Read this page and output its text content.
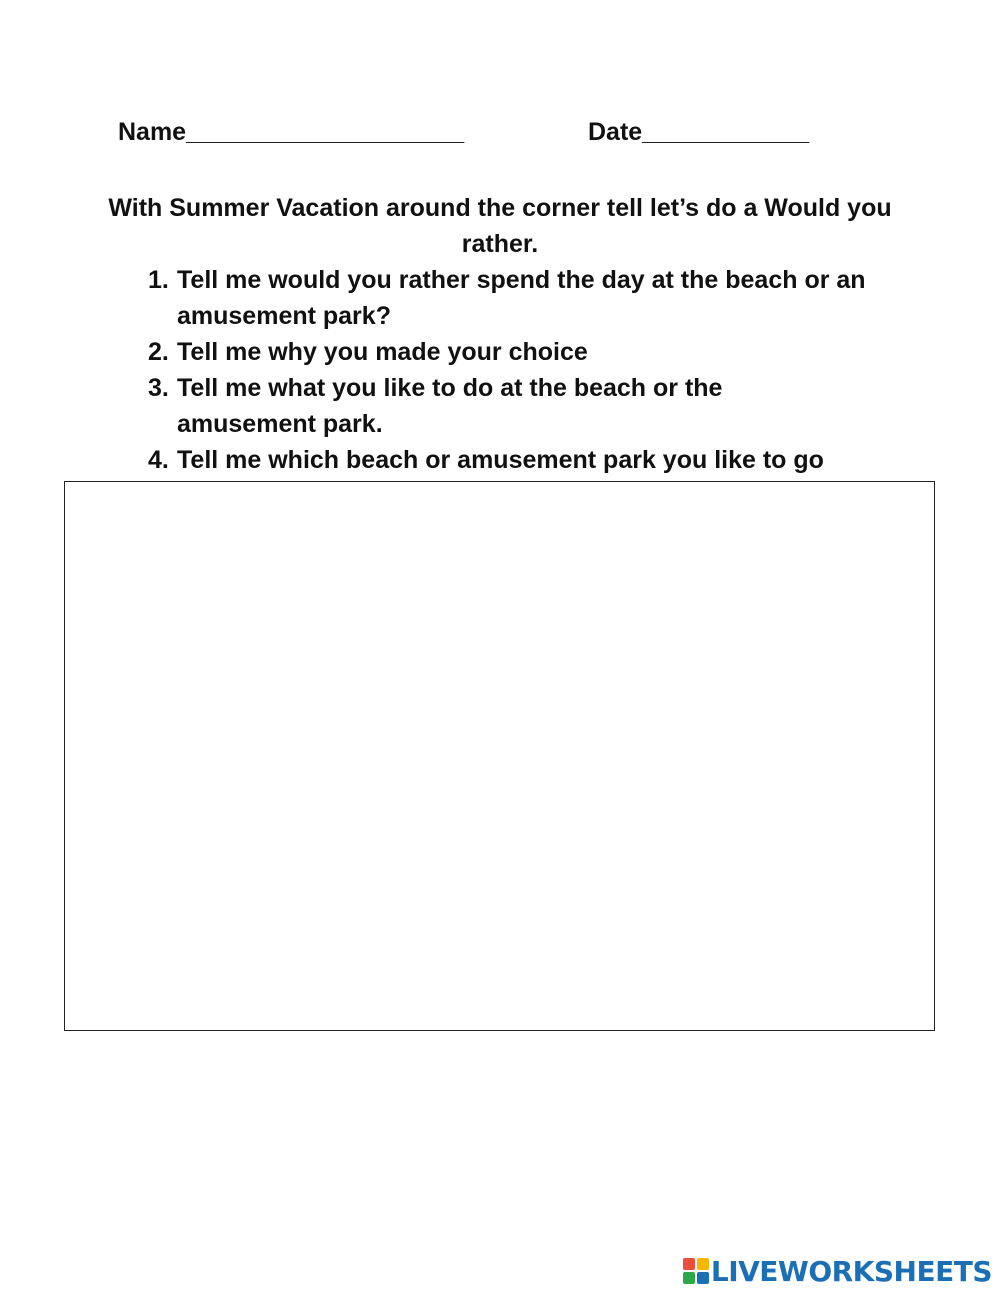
Name____________________	Date____________
With Summer Vacation around the corner tell let’s do a Would you rather.
1. Tell me would you rather spend the day at the beach or an amusement park?
2. Tell me why you made your choice
3. Tell me what you like to do at the beach or the amusement park.
4. Tell me which beach or amusement park you like to go
LIVEWORKSHEETS
